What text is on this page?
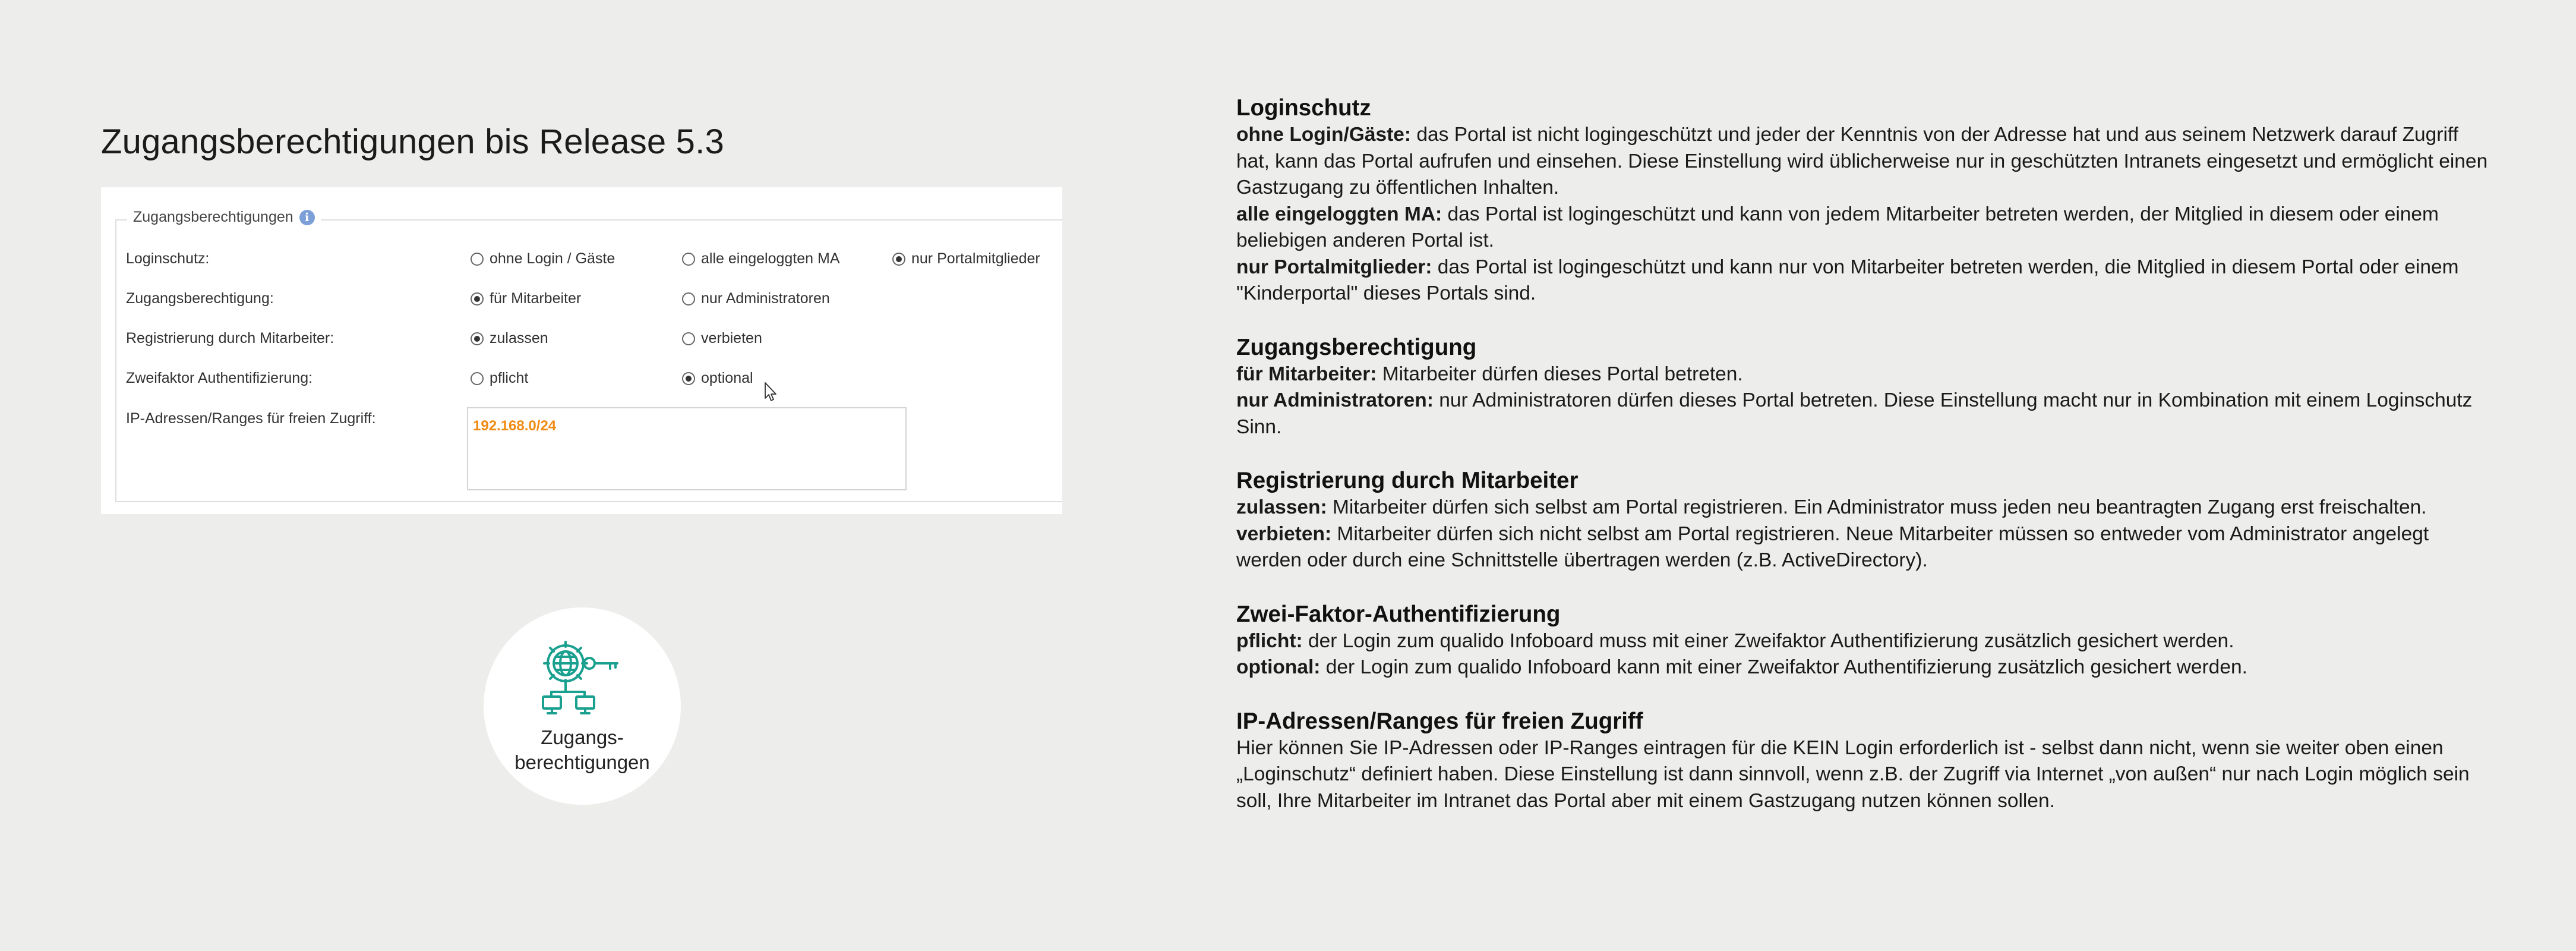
Zugangsberechtigungen bis Release 5.3
Zugangsberechtigungen	i
Loginschutz:	ohne Login / Gäste	alle eingeloggten MA	nur Portalmitglieder
Zugangsberechtigung:	für Mitarbeiter	nur Administratoren
Registrierung durch Mitarbeiter:	zulassen	verbieten
Zweifaktor Authentifizierung:	pflicht	optional
IP-Adressen/Ranges für freien Zugriff:	192.168.0/24
Zugangs-
berechtigungen
Loginschutz

ohne Login/Gäste: das Portal ist nicht logingeschützt und jeder der Kenntnis von der Adresse hat und aus seinem Netzwerk darauf Zugriff hat, kann das Portal aufrufen und einsehen. Diese Einstellung wird üblicherweise nur in geschützten Intranets eingesetzt und ermöglicht einen Gastzugang zu öffentlichen Inhalten.

alle eingeloggten MA: das Portal ist logingeschützt und kann von jedem Mitarbeiter betreten werden, der Mitglied in diesem oder einem beliebigen anderen Portal ist.

nur Portalmitglieder: das Portal ist logingeschützt und kann nur von Mitarbeiter betreten werden, die Mitglied in diesem Portal oder einem "Kinderportal" dieses Portals sind.

Zugangsberechtigung

für Mitarbeiter: Mitarbeiter dürfen dieses Portal betreten.

nur Administratoren: nur Administratoren dürfen dieses Portal betreten. Diese Einstellung macht nur in Kombination mit einem Loginschutz Sinn.

Registrierung durch Mitarbeiter

zulassen: Mitarbeiter dürfen sich selbst am Portal registrieren. Ein Administrator muss jeden neu beantragten Zugang erst freischalten.

verbieten: Mitarbeiter dürfen sich nicht selbst am Portal registrieren. Neue Mitarbeiter müssen so entweder vom Administrator angelegt werden oder durch eine Schnittstelle übertragen werden (z.B. ActiveDirectory).

Zwei-Faktor-Authentifizierung

pflicht: der Login zum qualido Infoboard muss mit einer Zweifaktor Authentifizierung zusätzlich gesichert werden.

optional: der Login zum qualido Infoboard kann mit einer Zweifaktor Authentifizierung zusätzlich gesichert werden.

IP-Adressen/Ranges für freien Zugriff

Hier können Sie IP-Adressen oder IP-Ranges eintragen für die KEIN Login erforderlich ist - selbst dann nicht, wenn sie weiter oben einen „Loginschutz“ definiert haben. Diese Einstellung ist dann sinnvoll, wenn z.B. der Zugriff via Internet „von außen“ nur nach Login möglich sein soll, Ihre Mitarbeiter im Intranet das Portal aber mit einem Gastzugang nutzen können sollen.
